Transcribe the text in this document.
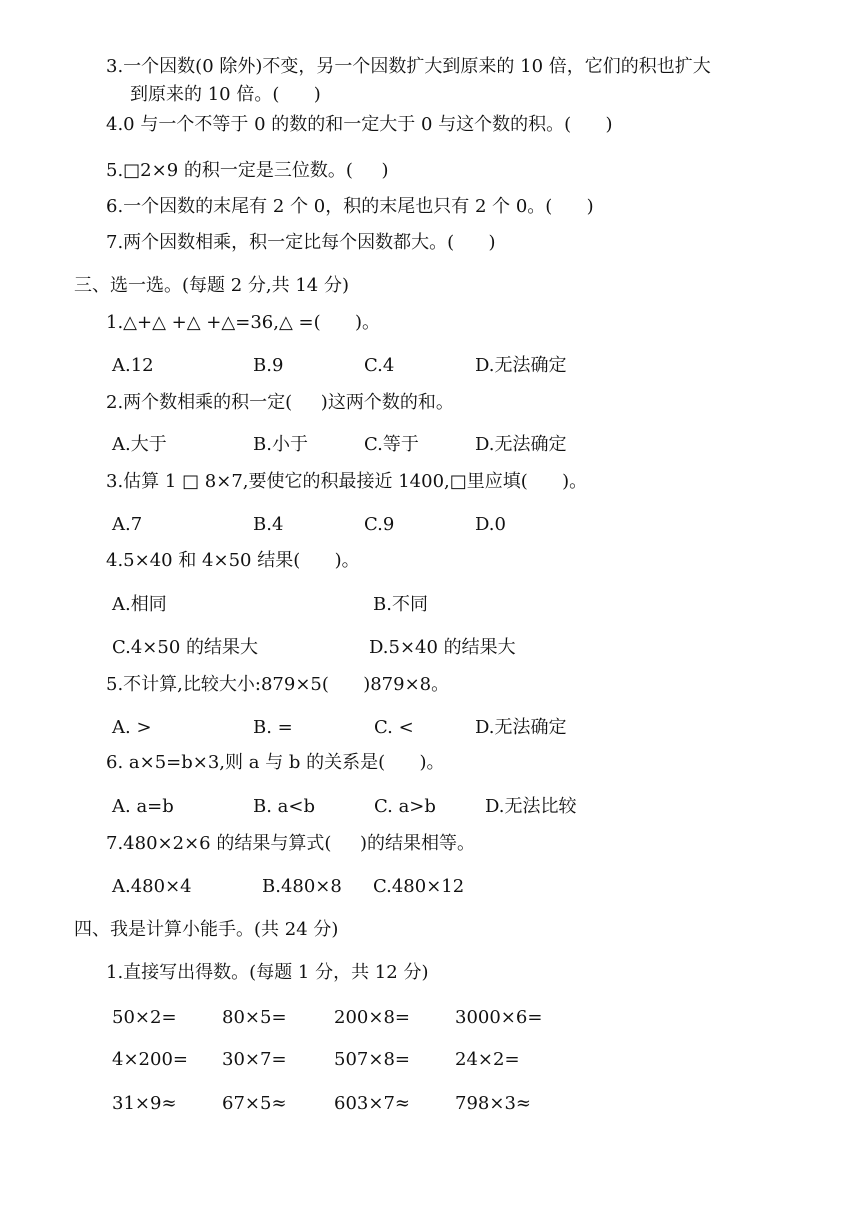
3.一个因数(0 除外)不变，另一个因数扩大到原来的 10 倍，它们的积也扩大
到原来的 10 倍。(      )
4.0 与一个不等于 0 的数的和一定大于 0 与这个数的积。(      )
5.□2×9 的积一定是三位数。(     )
6.一个因数的末尾有 2 个 0，积的末尾也只有 2 个 0。(      )
7.两个因数相乘，积一定比每个因数都大。(      )
三、选一选。(每题 2 分,共 14 分)
1.△+△ +△ +△=36,△ =(      )。
A.12	B.9	C.4	D.无法确定
2.两个数相乘的积一定(     )这两个数的和。
A.大于	B.小于	C.等于	D.无法确定
3.估算 1 □ 8×7,要使它的积最接近 1400,□里应填(      )。
A.7	B.4	C.9	D.0
4.5×40 和 4×50 结果(      )。
A.相同	B.不同
C.4×50 的结果大	D.5×40 的结果大
5.不计算,比较大小:879×5(      )879×8。
A. >	B. =	C. <	D.无法确定
6. a×5=b×3,则 a 与 b 的关系是(      )。
A. a=b	B. a<b	C. a>b	D.无法比较
7.480×2×6 的结果与算式(     )的结果相等。
A.480×4	B.480×8 C.480×12
四、我是计算小能手。(共 24 分)
1.直接写出得数。(每题 1 分，共 12 分)
50×2=	80×5=	200×8=	3000×6=
4×200= 30×7=	507×8=	24×2=
31×9≈	67×5≈	603×7≈	798×3≈
